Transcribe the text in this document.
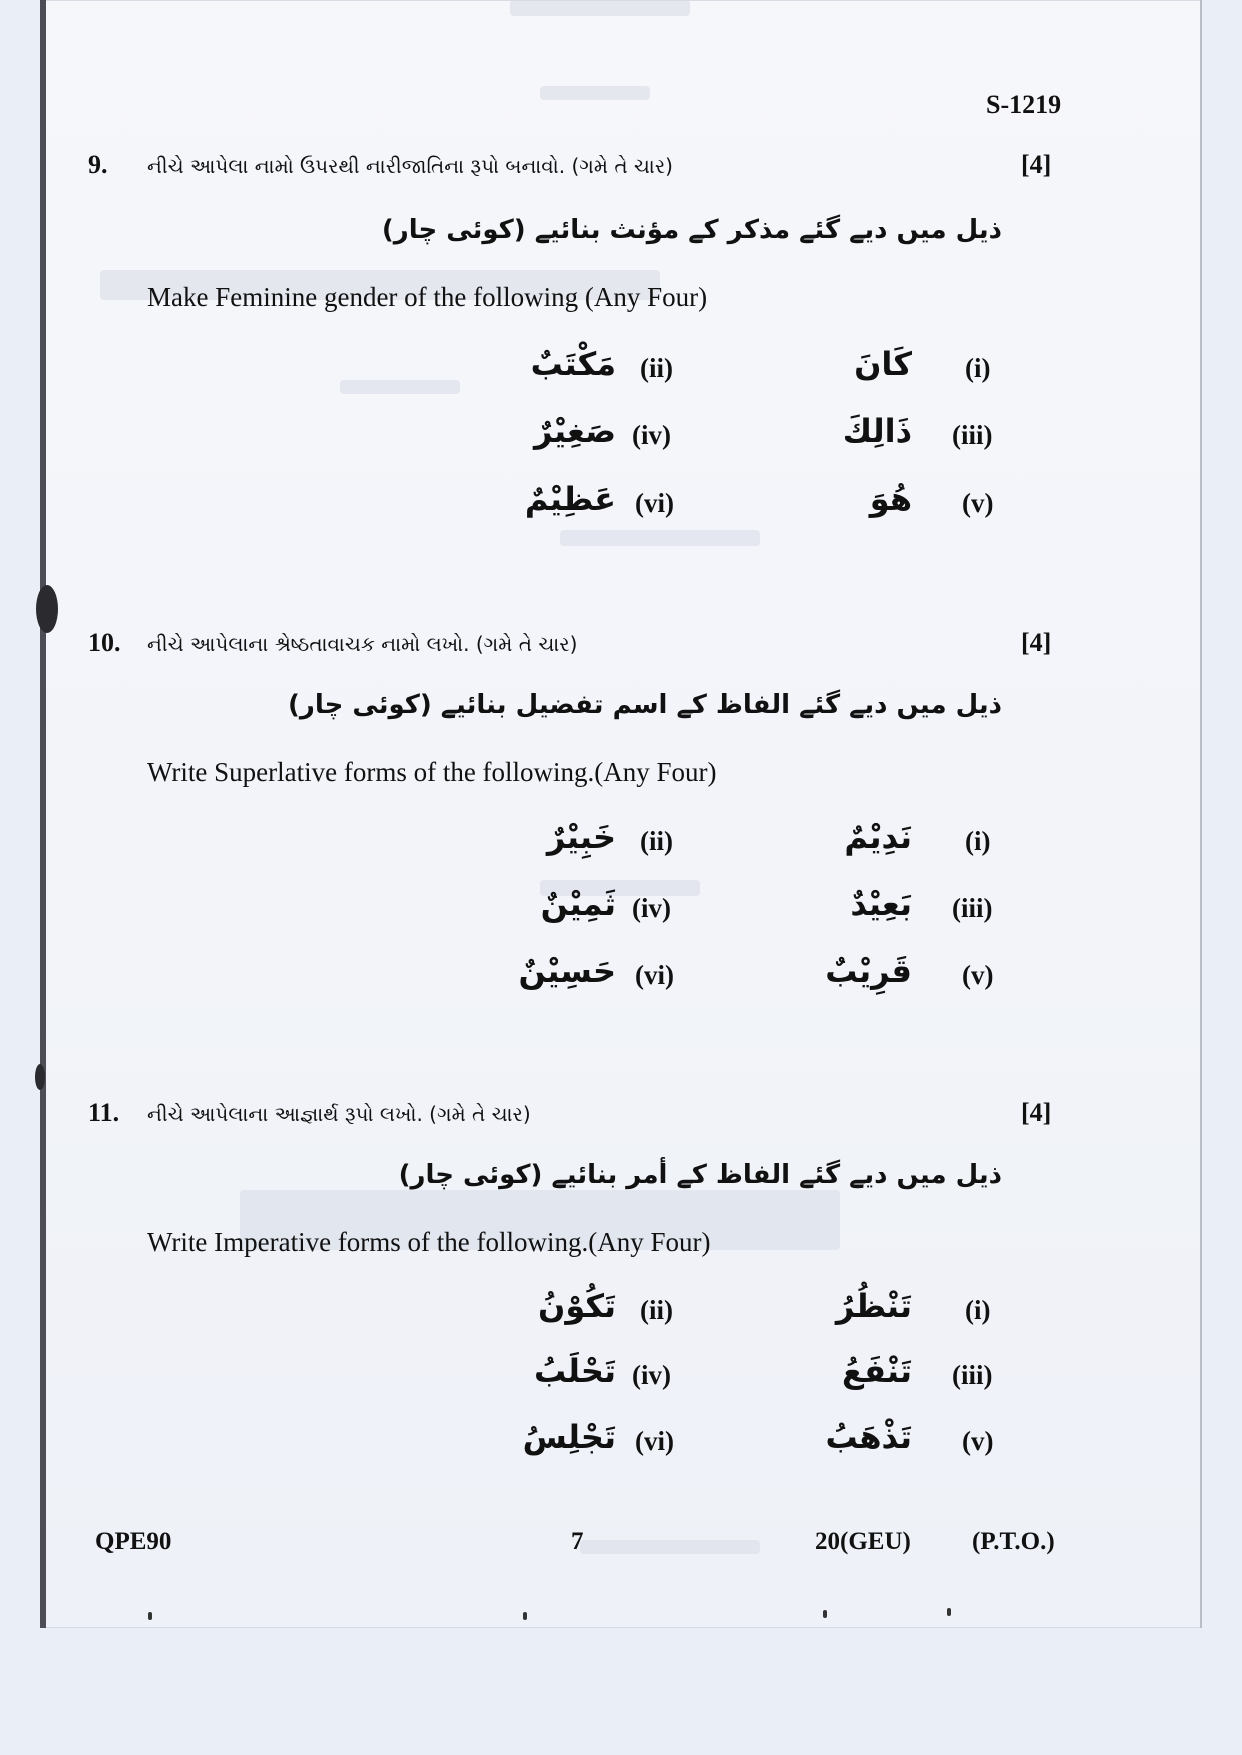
S-1219
9. નીચે આપેલા નામો ઉપરથી નારીજાતિના રૂપો બનાવો. (ગમે તે ચાર)	[4]
ذیل میں دیے گئے مذکر کے مؤنث بنائیے (کوئی چار)
Make Feminine gender of the following (Any Four)
مَكْتَبٌ (ii)	كَانَ (i)
صَغِيْرٌ (iv)	ذَالِكَ (iii)
عَظِيْمٌ (vi)	هُوَ (v)
10. નીચે આપેલાના શ્રેષ્ઠતાવાચક નામો લખો. (ગમે તે ચાર)	[4]
ذیل میں دیے گئے الفاظ کے اسم تفضیل بنائیے (کوئی چار)
Write Superlative forms of the following.(Any Four)
خَبِيْرٌ (ii)	نَدِيْمٌ (i)
ثَمِيْنٌ (iv)	بَعِيْدٌ (iii)
حَسِيْنٌ (vi)	قَرِيْبٌ (v)
11. નીચે આપેલાના આજ્ઞાર્થ રૂપો લખો. (ગમે તે ચાર)	[4]
ذیل میں دیے گئے الفاظ کے أمر بنائیے (کوئی چار)
Write Imperative forms of the following.(Any Four)
تَكُوْنُ (ii)	تَنْظُرُ (i)
تَحْلَبُ (iv)	تَنْفَعُ (iii)
تَجْلِسُ (vi)	تَذْهَبُ (v)
QPE90	7	20(GEU) (P.T.O.)
